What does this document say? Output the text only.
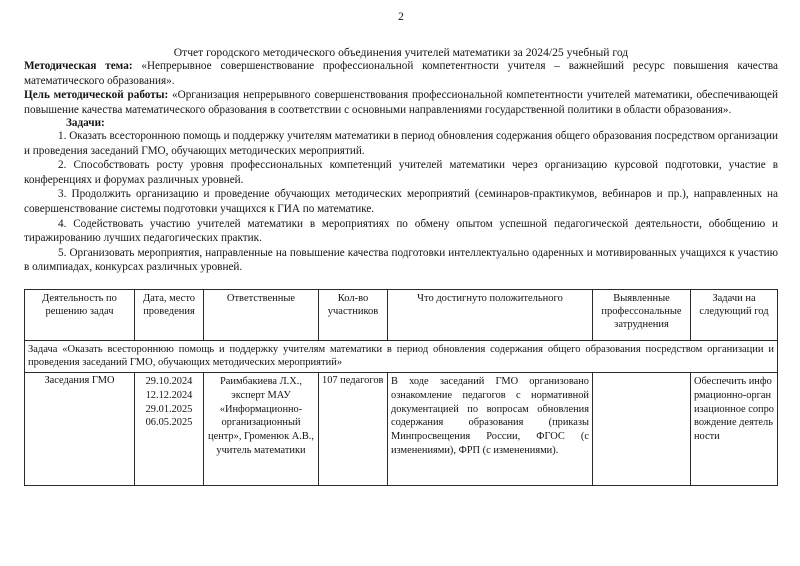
2
Отчет городского методического объединения учителей математики за 2024/25 учебный год

Методическая тема: «Непрерывное совершенствование профессиональной компетентности учителя – важнейший ресурс повышения качества математического образования».

Цель методической работы: «Организация непрерывного совершенствования профессиональной компетентности учителей математики, обеспечивающей повышение качества математического образования в соответствии с основными направлениями государственной политики в области образования».

Задачи:

1. Оказать всестороннюю помощь и поддержку учителям математики в период обновления содержания общего образования посредством организации и проведения заседаний ГМО, обучающих методических мероприятий.

2. Способствовать росту уровня профессиональных компетенций учителей математики через организацию курсовой подготовки, участие в конференциях и форумах различных уровней.

3. Продолжить организацию и проведение обучающих методических мероприятий (семинаров-практикумов, вебинаров и пр.), направленных на совершенствование системы подготовки учащихся к ГИА по математике.

4. Содействовать участию учителей математики в мероприятиях по обмену опытом успешной педагогической деятельности, обобщению и тиражированию лучших педагогических практик.

5. Организовать мероприятия, направленные на повышение качества подготовки интеллектуально одаренных и мотивированных учащихся к участию в олимпиадах, конкурсах различных уровней.

Деятельность по решению задач	Дата, место проведения	Ответственные	Кол-во участников	Что достигнуто положительного	Выявленные профессональные затруднения	Задачи на следующий год
Задача «Оказать всестороннюю помощь и поддержку учителям математики в период обновления содержания общего образования посредством организации и проведения заседаний ГМО, обучающих методических мероприятий»						
Заседания ГМО	29.10.2024 12.12.2024 29.01.2025 06.05.2025	Раимбакиева Л.Х., эксперт МАУ «Информационно-организационный центр», Громенюк А.В., учитель математики	107 педагогов	В ходе заседаний ГМО организовано ознакомление педагогов с нормативной документацией по вопросам обновления содержания образования (приказы Минпросвещения России, ФГОС (с изменениями), ФРП (с изменениями).		Обеспечить информационно-организационное сопровождение деятельности
